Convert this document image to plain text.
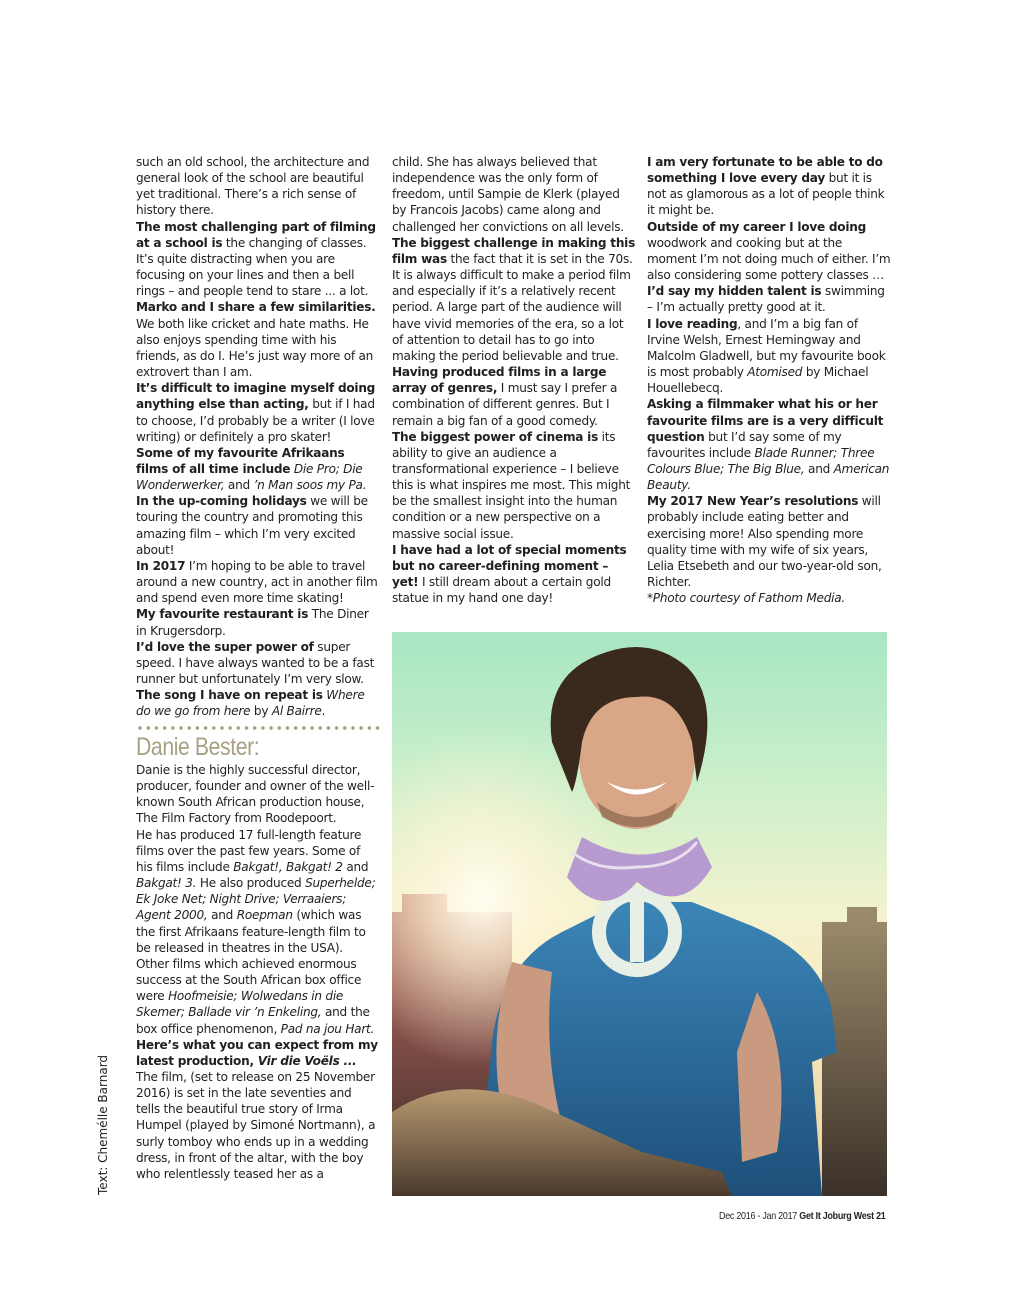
such an old school, the architecture and general look of the school are beautiful yet traditional. There’s a rich sense of history there.

The most challenging part of filming at a school is the changing of classes. It’s quite distracting when you are focusing on your lines and then a bell rings – and people tend to stare ... a lot.

Marko and I share a few similarities. We both like cricket and hate maths. He also enjoys spending time with his friends, as do I. He’s just way more of an extrovert than I am.

It’s difficult to imagine myself doing anything else than acting, but if I had to choose, I’d probably be a writer (I love writing) or definitely a pro skater!

Some of my favourite Afrikaans films of all time include Die Pro; Die Wonderwerker, and ’n Man soos my Pa.

In the up-coming holidays we will be touring the country and promoting this amazing film – which I’m very excited about!

In 2017 I’m hoping to be able to travel around a new country, act in another film and spend even more time skating!

My favourite restaurant is The Diner in Krugersdorp.

I’d love the super power of super speed. I have always wanted to be a fast runner but unfortunately I’m very slow.

The song I have on repeat is Where do we go from here by Al Bairre.

Danie Bester:

Danie is the highly successful director, producer, founder and owner of the well-known South African production house, The Film Factory from Roodepoort.

He has produced 17 full-length feature films over the past few years. Some of his films include Bakgat!, Bakgat! 2 and Bakgat! 3. He also produced Superhelde; Ek Joke Net; Night Drive; Verraaiers; Agent 2000, and Roepman (which was the first Afrikaans feature-length film to be released in theatres in the USA).

Other films which achieved enormous success at the South African box office were Hoofmeisie; Wolwedans in die Skemer; Ballade vir ’n Enkeling, and the box office phenomenon, Pad na jou Hart.

Here’s what you can expect from my latest production, Vir die Voëls ...

The film, (set to release on 25 November 2016) is set in the late seventies and tells the beautiful true story of Irma Humpel (played by Simoné Nortmann), a surly tomboy who ends up in a wedding dress, in front of the altar, with the boy who relentlessly teased her as a

child. She has always believed that independence was the only form of freedom, until Sampie de Klerk (played by Francois Jacobs) came along and challenged her convictions on all levels.

The biggest challenge in making this film was the fact that it is set in the 70s. It is always difficult to make a period film and especially if it’s a relatively recent period. A large part of the audience will have vivid memories of the era, so a lot of attention to detail has to go into making the period believable and true.

Having produced films in a large array of genres, I must say I prefer a combination of different genres. But I remain a big fan of a good comedy.

The biggest power of cinema is its ability to give an audience a transformational experience – I believe this is what inspires me most. This might be the smallest insight into the human condition or a new perspective on a massive social issue.

I have had a lot of special moments but no career-defining moment – yet! I still dream about a certain gold statue in my hand one day!

I am very fortunate to be able to do something I love every day but it is not as glamorous as a lot of people think it might be.

Outside of my career I love doing woodwork and cooking but at the moment I’m not doing much of either. I’m also considering some pottery classes …

I’d say my hidden talent is swimming – I’m actually pretty good at it.

I love reading, and I’m a big fan of Irvine Welsh, Ernest Hemingway and Malcolm Gladwell, but my favourite book is most probably Atomised by Michael Houellebecq.

Asking a filmmaker what his or her favourite films are is a very difficult question but I’d say some of my favourites include Blade Runner; Three Colours Blue; The Big Blue, and American Beauty.

My 2017 New Year’s resolutions will probably include eating better and exercising more! Also spending more quality time with my wife of six years, Lelia Etsebeth and our two-year-old son, Richter.

*Photo courtesy of Fathom Media.

Text: Chemélle Barnard
Dec 2016 - Jan 2017 Get It Joburg West 21
